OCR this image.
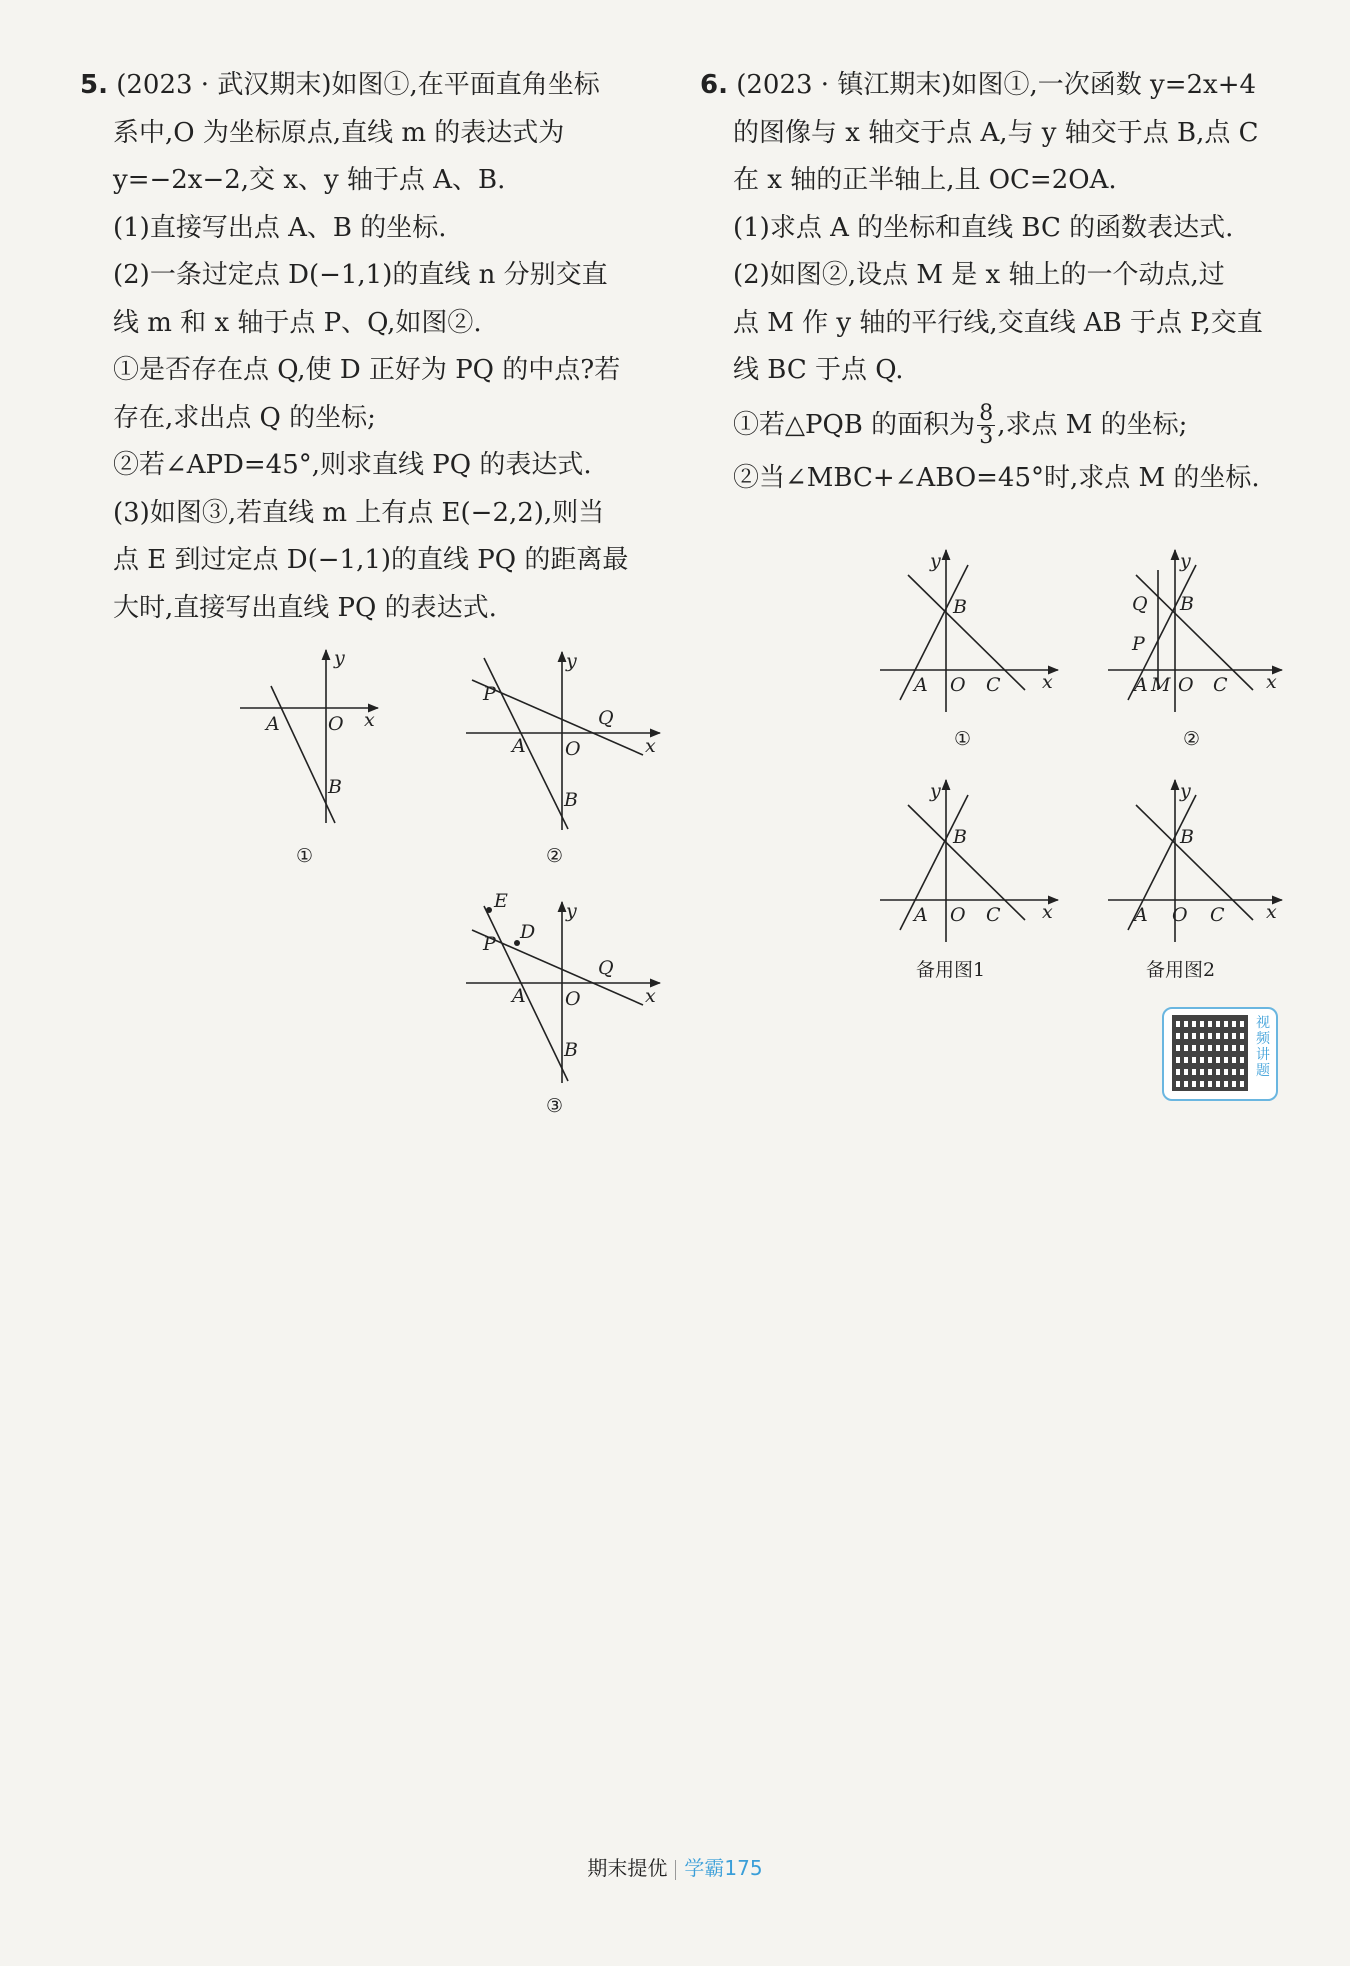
5. (2023 · 武汉期末)如图①,在平面直角坐标
系中,O 为坐标原点,直线 m 的表达式为
y=−2x−2,交 x、y 轴于点 A、B.
(1)直接写出点 A、B 的坐标.
(2)一条过定点 D(−1,1)的直线 n 分别交直
线 m 和 x 轴于点 P、Q,如图②.
①是否存在点 Q,使 D 正好为 PQ 的中点?若
存在,求出点 Q 的坐标;
②若∠APD=45°,则求直线 PQ 的表达式.
(3)如图③,若直线 m 上有点 E(−2,2),则当
点 E 到过定点 D(−1,1)的直线 PQ 的距离最
大时,直接写出直线 PQ 的表达式.
y
x
A	O
B
①
y
x
P
Q
A O
B
②
y
x
E
D
P
Q
A O
B
③
y
x
B
A O C
①
y
x
Q B
P
A M O C
②
y
x
B
A O C
备用图1
y
x
B
A O C
备用图2
6. (2023 · 镇江期末)如图①,一次函数 y=2x+4
的图像与 x 轴交于点 A,与 y 轴交于点 B,点 C
在 x 轴的正半轴上,且 OC=2OA.
(1)求点 A 的坐标和直线 BC 的函数表达式.
(2)如图②,设点 M 是 x 轴上的一个动点,过
点 M 作 y 轴的平行线,交直线 AB 于点 P,交直
线 BC 于点 Q.
①若△PQB 的面积为 $\frac{8}{3}$ ,求点 M 的坐标;
②当∠MBC+∠ABO=45°时,求点 M 的坐标.
视频讲题
期末提优 学霸175
